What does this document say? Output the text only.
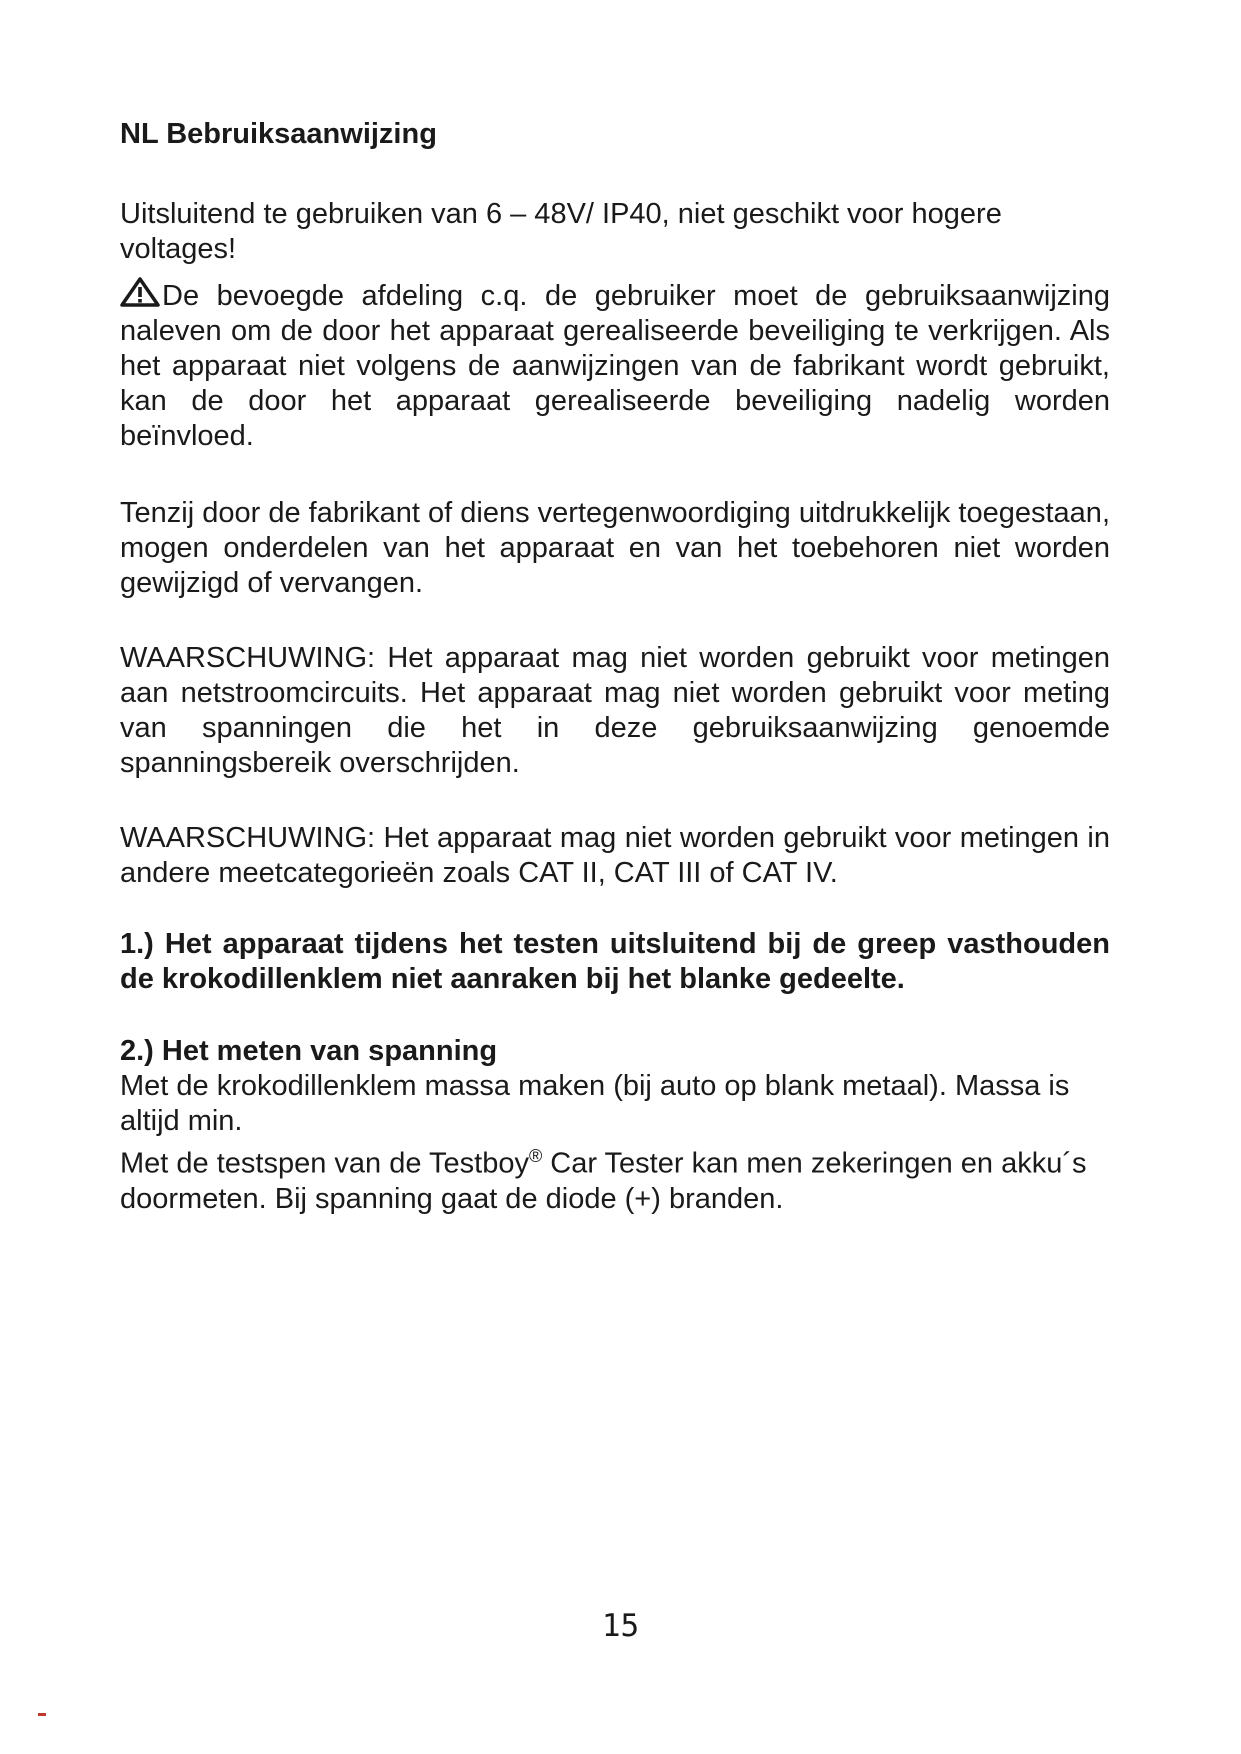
NL Bebruiksaanwijzing
Uitsluitend te gebruiken van 6 – 48V/ IP40, niet geschikt voor hogere voltages!
De bevoegde afdeling c.q. de gebruiker moet de gebruiksaanwijzing naleven om de door het apparaat gerealiseerde beveiliging te verkrijgen. Als het apparaat niet volgens de aanwijzingen van de fabrikant wordt gebruikt, kan de door het apparaat gerealiseerde beveiliging nadelig worden beïnvloed.
Tenzij door de fabrikant of diens vertegenwoordiging uitdrukkelijk toegestaan, mogen onderdelen van het apparaat en van het toebehoren niet worden gewijzigd of vervangen.
WAARSCHUWING: Het apparaat mag niet worden gebruikt voor metingen aan netstroomcircuits. Het apparaat mag niet worden gebruikt voor meting van spanningen die het in deze gebruiksaanwijzing genoemde spanningsbereik overschrijden.
WAARSCHUWING: Het apparaat mag niet worden gebruikt voor metingen in andere meetcategorieën zoals CAT II, CAT III of CAT IV.
1.) Het apparaat tijdens het testen uitsluitend bij de greep vasthouden de krokodillenklem niet aanraken bij het blanke gedeelte.
2.) Het meten van spanning
Met de krokodillenklem massa maken (bij auto op blank metaal). Massa is altijd min.
Met de testspen van de Testboy® Car Tester kan men zekeringen en akku´s doormeten. Bij spanning gaat de diode (+) branden.
15
